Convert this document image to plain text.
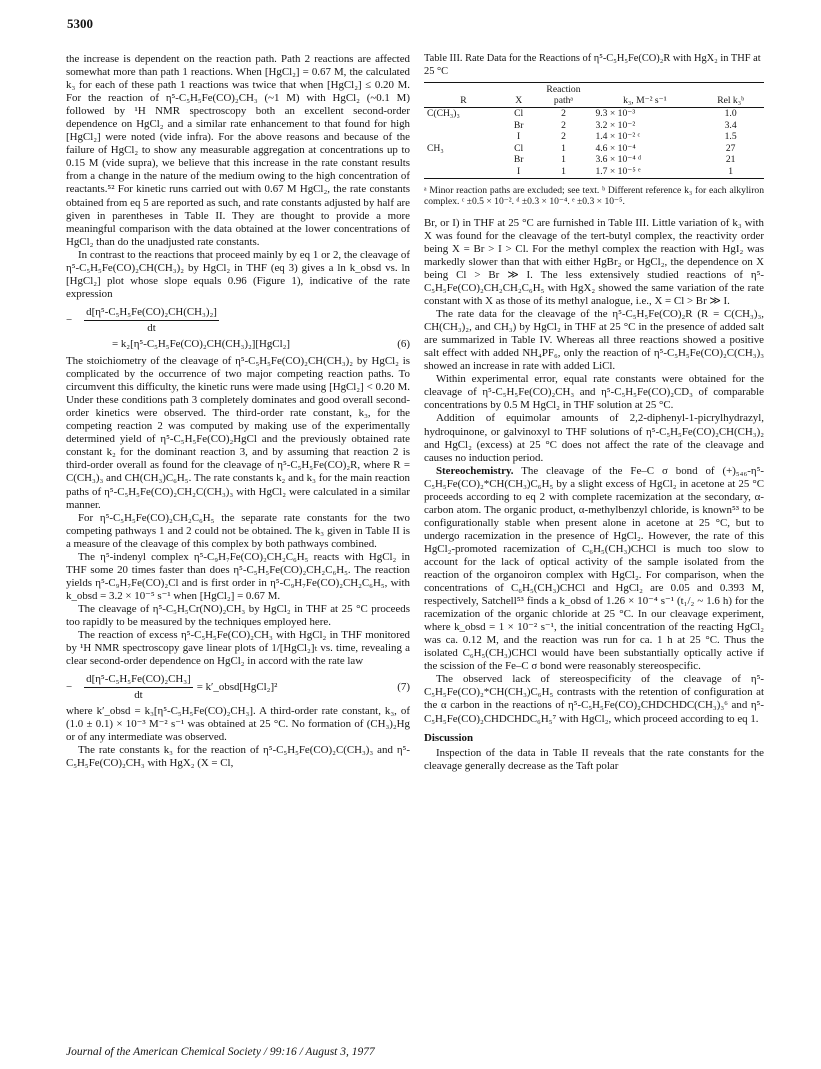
5300

the increase is dependent on the reaction path. Path 2 reactions are affected somewhat more than path 1 reactions. When [HgCl₂] = 0.67 M, the calculated k₃ for each of these path 1 reactions was twice that when [HgCl₂] ≤ 0.20 M. For the reaction of η⁵-C₅H₅Fe(CO)₂CH₃ (~1 M) with HgCl₂ (~0.1 M) followed by ¹H NMR spectroscopy both an excellent second-order dependence on HgCl₂ and a similar rate enhancement to that found for high [HgCl₂] were noted (vide infra). For the above reasons and because of the failure of HgCl₂ to show any measurable aggregation at concentrations up to 0.15 M (vide supra), we believe that this increase in the rate constant results from a change in the nature of the medium owing to the high concentration of reactants.⁵² For kinetic runs carried out with 0.67 M HgCl₂, the rate constants obtained from eq 5 are reported as such, and rate constants adjusted by half are given in parentheses in Table II. They are thought to provide a more meaningful comparison with the data obtained at the lower concentrations of HgCl₂ than do the unadjusted rate constants.

In contrast to the reactions that proceed mainly by eq 1 or 2, the cleavage of η⁵-C₅H₅Fe(CO)₂CH(CH₃)₂ by HgCl₂ in THF (eq 3) gives a ln k_obsd vs. ln [HgCl₂] plot whose slope equals 0.96 (Figure 1), indicative of the rate expression

− $\frac{\text{d[η⁵-C₅H₅Fe(CO)₂CH(CH₃)₂]}}{dt}$
= k₂[η⁵-C₅H₅Fe(CO)₂CH(CH₃)₂][HgCl₂]	(6)

The stoichiometry of the cleavage of η⁵-C₅H₅Fe(CO)₂CH(CH₃)₂ by HgCl₂ is complicated by the occurrence of two major competing reaction paths. To circumvent this difficulty, the kinetic runs were made using [HgCl₂] < 0.20 M. Under these conditions path 3 completely dominates and good overall second-order kinetics were observed. The third-order rate constant, k₃, for the competing reaction 2 was computed by making use of the experimentally determined yield of η⁵-C₅H₅Fe(CO)₂HgCl and the previously obtained rate constant k₂ for the dominant reaction 3, and by assuming that reaction 2 is third-order overall as found for the cleavage of η⁵-C₅H₅Fe(CO)₂R, where R = C(CH₃)₃ and CH(CH₃)C₆H₅. The rate constants k₂ and k₃ for the main reaction paths of η⁵-C₅H₅Fe(CO)₂CH₂C(CH₃)₃ with HgCl₂ were calculated in a similar manner.

For η⁵-C₅H₅Fe(CO)₂CH₂C₆H₅ the separate rate constants for the two competing pathways 1 and 2 could not be obtained. The k₃ given in Table II is a measure of the cleavage of this complex by both pathways combined.

The η⁵-indenyl complex η⁵-C₉H₇Fe(CO)₂CH₂C₆H₅ reacts with HgCl₂ in THF some 20 times faster than does η⁵-C₅H₅Fe(CO)₂CH₂C₆H₅. The reaction yields η⁵-C₉H₇Fe(CO)₂Cl and is first order in η⁵-C₉H₇Fe(CO)₂CH₂C₆H₅, with k_obsd = 3.2 × 10⁻⁵ s⁻¹ when [HgCl₂] = 0.67 M.

The cleavage of η⁵-C₅H₅Cr(NO)₂CH₃ by HgCl₂ in THF at 25 °C proceeds too rapidly to be measured by the techniques employed here.

The reaction of excess η⁵-C₅H₅Fe(CO)₂CH₃ with HgCl₂ in THF monitored by ¹H NMR spectroscopy gave linear plots of 1/[HgCl₂]ₜ vs. time, revealing a clear second-order dependence on HgCl₂ in accord with the rate law

− $\frac{\text{d[η⁵-C₅H₅Fe(CO)₂CH₃]}}{dt}$ = k′_obsd[HgCl₂]²	(7)

where k′_obsd = k₃[η⁵-C₅H₅Fe(CO)₂CH₃]. A third-order rate constant, k₃, of (1.0 ± 0.1) × 10⁻³ M⁻² s⁻¹ was obtained at 25 °C. No formation of (CH₃)₂Hg or of any intermediate was observed.

The rate constants k₃ for the reaction of η⁵-C₅H₅Fe(CO)₂C(CH₃)₃ and η⁵-C₅H₅Fe(CO)₂CH₃ with HgX₂ (X = Cl,

Table III. Rate Data for the Reactions of η⁵-C₅H₅Fe(CO)₂R with HgX₂ in THF at 25 °C

R	X	Reaction pathᵃ	k₃, M⁻² s⁻¹	Rel k₃ᵇ
C(CH₃)₃	Cl	2	9.3 × 10⁻³	1.0
	Br	2	3.2 × 10⁻²	3.4
	I	2	1.4 × 10⁻² ᶜ	1.5
CH₃	Cl	1	4.6 × 10⁻⁴	27
	Br	1	3.6 × 10⁻⁴ ᵈ	21
	I	1	1.7 × 10⁻⁵ ᵉ	1

ᵃ Minor reaction paths are excluded; see text. ᵇ Different reference k₃ for each alkyliron complex. ᶜ ±0.5 × 10⁻². ᵈ ±0.3 × 10⁻⁴. ᵉ ±0.3 × 10⁻⁵.

Br, or I) in THF at 25 °C are furnished in Table III. Little variation of k₃ with X was found for the cleavage of the tert-butyl complex, the reactivity order being X = Br > I > Cl. For the methyl complex the reaction with HgI₂ was markedly slower than that with either HgBr₂ or HgCl₂, the dependence on X being Cl > Br ≫ I. The less extensively studied reactions of η⁵-C₅H₅Fe(CO)₂CH₂CH₂C₆H₅ with HgX₂ showed the same variation of the rate constant with X as those of its methyl analogue, i.e., X = Cl > Br ≫ I.

The rate data for the cleavage of the η⁵-C₅H₅Fe(CO)₂R (R = C(CH₃)₃, CH(CH₃)₂, and CH₃) by HgCl₂ in THF at 25 °C in the presence of added salt are summarized in Table IV. Whereas all three reactions showed a positive salt effect with added NH₄PF₆, only the reaction of η⁵-C₅H₅Fe(CO)₂C(CH₃)₃ showed an increase in rate with added LiCl.

Within experimental error, equal rate constants were obtained for the cleavage of η⁵-C₅H₅Fe(CO)₂CH₃ and η⁵-C₅H₅Fe(CO)₂CD₃ of comparable concentrations by 0.5 M HgCl₂ in THF solution at 25 °C.

Addition of equimolar amounts of 2,2-diphenyl-1-picrylhydrazyl, hydroquinone, or galvinoxyl to THF solutions of η⁵-C₅H₅Fe(CO)₂CH(CH₃)₂ and HgCl₂ (excess) at 25 °C does not affect the rate of the cleavage and causes no induction period.

Stereochemistry. The cleavage of the Fe–C σ bond of (+)₅₄₆-η⁵-C₅H₅Fe(CO)₂*CH(CH₃)C₆H₅ by a slight excess of HgCl₂ in acetone at 25 °C proceeds according to eq 2 with complete racemization at the secondary, α-carbon atom. The organic product, α-methylbenzyl chloride, is known⁵³ to be configurationally stable when present alone in acetone at 25 °C, but to undergo racemization in the presence of HgCl₂. However, the rate of this HgCl₂-promoted racemization of C₆H₅(CH₃)CHCl is much too slow to account for the lack of optical activity of the sample isolated from the reaction of the organoiron complex with HgCl₂. For comparison, when the concentrations of C₆H₅(CH₃)CHCl and HgCl₂ are 0.05 and 0.393 M, respectively, Satchell⁵³ finds a k_obsd of 1.26 × 10⁻⁴ s⁻¹ (t₁/₂ ~ 1.6 h) for the racemization of the organic chloride at 25 °C. In our cleavage experiment, where k_obsd = 1 × 10⁻² s⁻¹, the initial concentration of the reacting HgCl₂ was ca. 0.12 M, and the reaction was run for ca. 1 h at 25 °C. Thus the isolated C₆H₅(CH₃)CHCl would have been substantially optically active if the scission of the Fe–C σ bond were reasonably stereospecific.

The observed lack of stereospecificity of the cleavage of η⁵-C₅H₅Fe(CO)₂*CH(CH₃)C₆H₅ contrasts with the retention of configuration at the α carbon in the reactions of η⁵-C₅H₅Fe(CO)₂CHDCHDC(CH₃)₃⁶ and η⁵-C₅H₅Fe(CO)₂CHDCHDC₆H₅⁷ with HgCl₂, which proceed according to eq 1.

Discussion

Inspection of the data in Table II reveals that the rate constants for the cleavage generally decrease as the Taft polar

Journal of the American Chemical Society / 99:16 / August 3, 1977
